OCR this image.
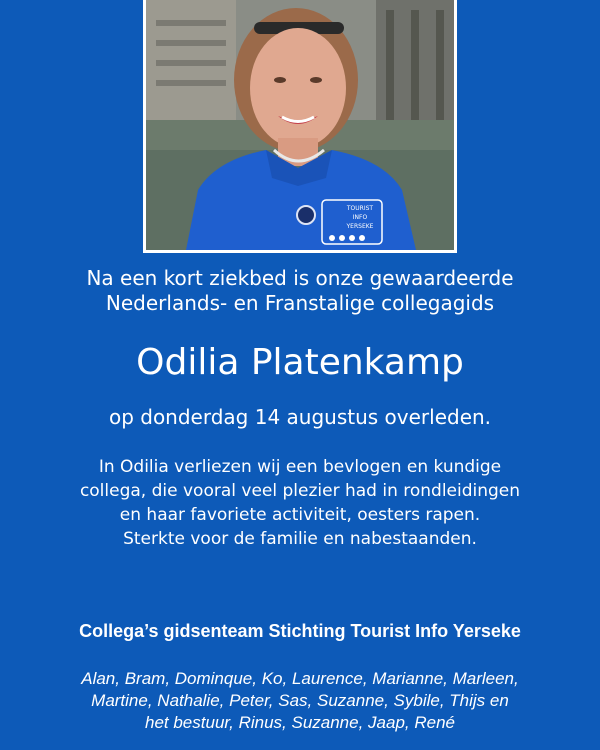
TOURIST
INFO
YERSEKE
Na een kort ziekbed is onze gewaardeerde
Nederlands- en Franstalige collegagids
Odilia Platenkamp
op donderdag 14 augustus overleden.
In Odilia verliezen wij een bevlogen en kundige
collega, die vooral veel plezier had in rondleidingen
en haar favoriete activiteit, oesters rapen.
Sterkte voor de familie en nabestaanden.
Collega’s gidsenteam Stichting Tourist Info Yerseke
Alan, Bram, Dominque, Ko, Laurence, Marianne, Marleen,
Martine, Nathalie, Peter, Sas, Suzanne, Sybile, Thijs en
het bestuur, Rinus, Suzanne, Jaap, René
